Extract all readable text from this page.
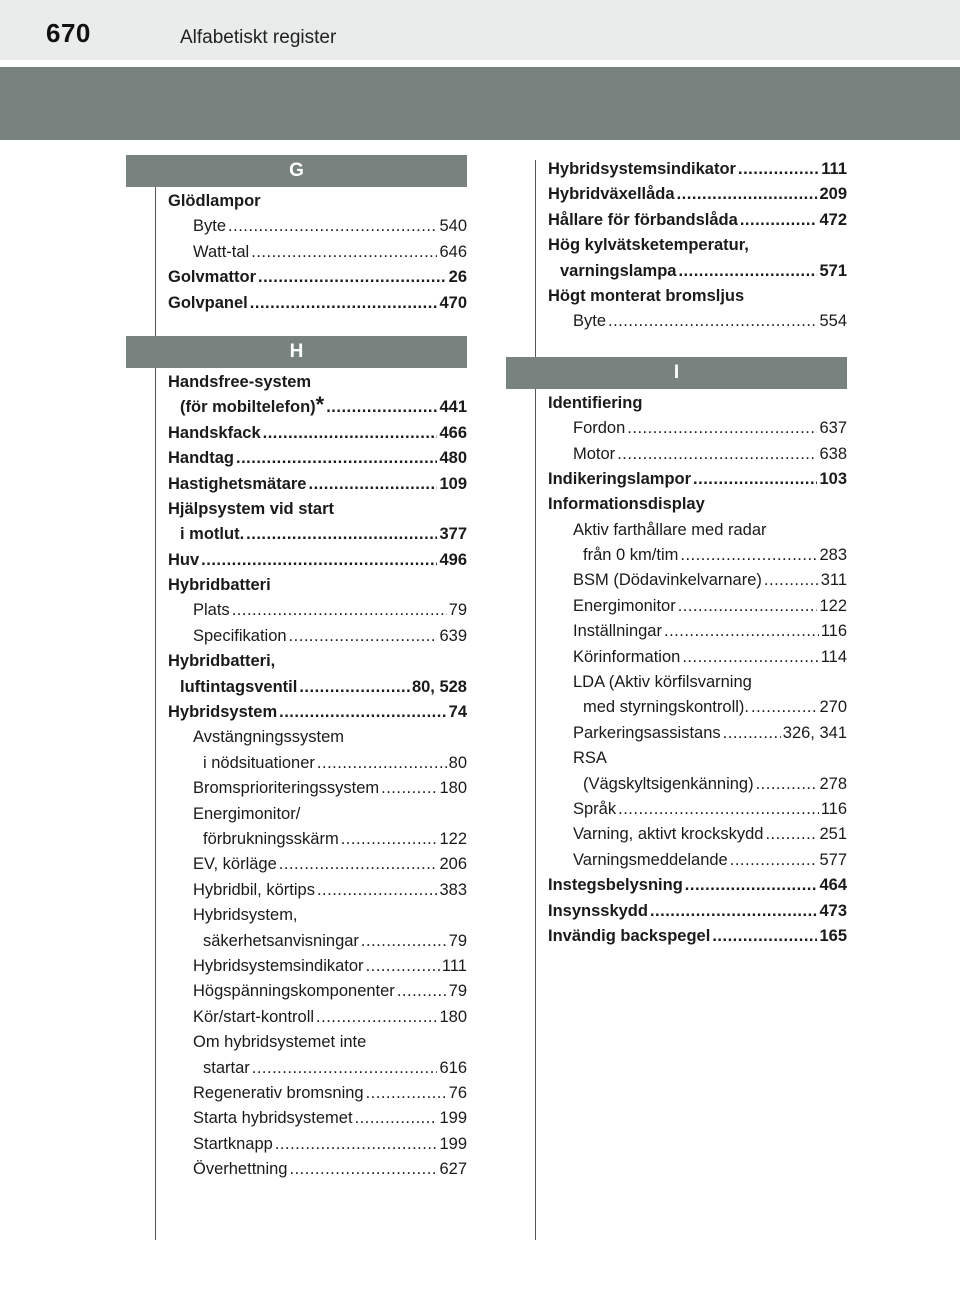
670	Alfabetiskt register
G
Glödlampor
Byte .....	540
Watt-tal .....	646
Golvmattor .....	26
Golvpanel .....	470
H
Handsfree-system
(för mobiltelefon) * .....	441
Handskfack .....	466
Handtag .....	480
Hastighetsmätare .....	109
Hjälpsystem vid start
i motlut. .....	377
Huv .....	496
Hybridbatteri
Plats .....	79
Specifikation .....	639
Hybridbatteri,
luftintagsventil .....	80, 528
Hybridsystem .....	74
Avstängningssystem
i nödsituationer .....	80
Bromsprioriteringssystem .....	180
Energimonitor/
förbrukningsskärm .....	122
EV, körläge .....	206
Hybridbil, körtips .....	383
Hybridsystem,
säkerhetsanvisningar .....	79
Hybridsystemsindikator .....	111
Högspänningskomponenter .....	79
Kör/start-kontroll .....	180
Om hybridsystemet inte
startar .....	616
Regenerativ bromsning .....	76
Starta hybridsystemet .....	199
Startknapp .....	199
Överhettning .....	627
Hybridsystemsindikator .....	111
Hybridväxellåda .....	209
Hållare för förbandslåda .....	472
Hög kylvätsketemperatur,
varningslampa .....	571
Högt monterat bromsljus
Byte .....	554
I
Identifiering
Fordon .....	637
Motor .....	638
Indikeringslampor .....	103
Informationsdisplay
Aktiv farthållare med radar
från 0 km/tim .....	283
BSM (Dödavinkelvarnare) .....	311
Energimonitor .....	122
Inställningar .....	116
Körinformation .....	114
LDA (Aktiv körfilsvarning
med styrningskontroll). .....	270
Parkeringsassistans .....	326, 341
RSA
(Vägskyltsigenkänning) .....	278
Språk .....	116
Varning, aktivt krockskydd .....	251
Varningsmeddelande .....	577
Instegsbelysning .....	464
Insynsskydd .....	473
Invändig backspegel .....	165
